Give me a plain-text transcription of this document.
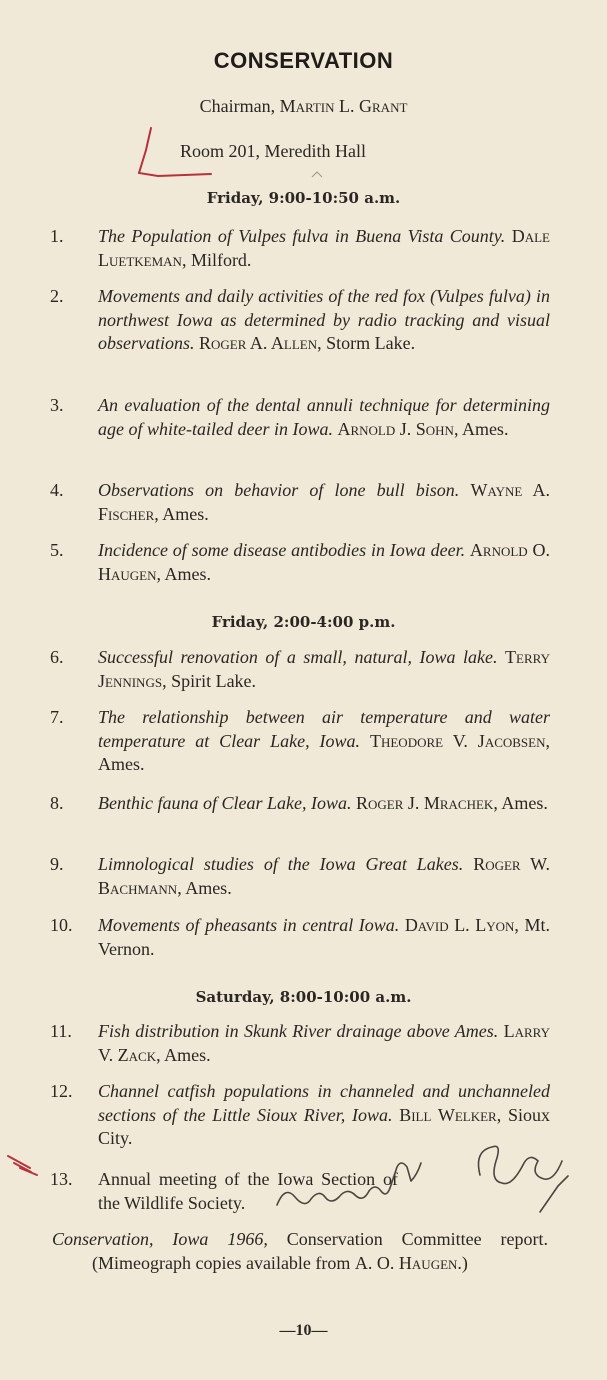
CONSERVATION
Chairman, Martin L. Grant
Room 201, Meredith Hall
Friday, 9:00-10:50 a.m.
1.	The Population of Vulpes fulva in Buena Vista County. Dale Luetkeman, Milford.
2.	Movements and daily activities of the red fox (Vulpes fulva) in northwest Iowa as determined by radio tracking and visual observations. Roger A. Allen, Storm Lake.
3.	An evaluation of the dental annuli technique for determining age of white-tailed deer in Iowa. Arnold J. Sohn, Ames.
4.	Observations on behavior of lone bull bison. Wayne A. Fischer, Ames.
5.	Incidence of some disease antibodies in Iowa deer. Arnold O. Haugen, Ames.
Friday, 2:00-4:00 p.m.
6.	Successful renovation of a small, natural, Iowa lake. Terry Jennings, Spirit Lake.
7.	The relationship between air temperature and water temperature at Clear Lake, Iowa. Theodore V. Jacobsen, Ames.
8.	Benthic fauna of Clear Lake, Iowa. Roger J. Mrachek, Ames.
9.	Limnological studies of the Iowa Great Lakes. Roger W. Bachmann, Ames.
10.	Movements of pheasants in central Iowa. David L. Lyon, Mt. Vernon.
Saturday, 8:00-10:00 a.m.
11.	Fish distribution in Skunk River drainage above Ames. Larry V. Zack, Ames.
12.	Channel catfish populations in channeled and unchanneled sections of the Little Sioux River, Iowa. Bill Welker, Sioux City.
13.	Annual meeting of the Iowa Section of the Wildlife Society.
Conservation, Iowa 1966, Conservation Committee report. (Mimeograph copies available from A. O. Haugen.)
—10—
